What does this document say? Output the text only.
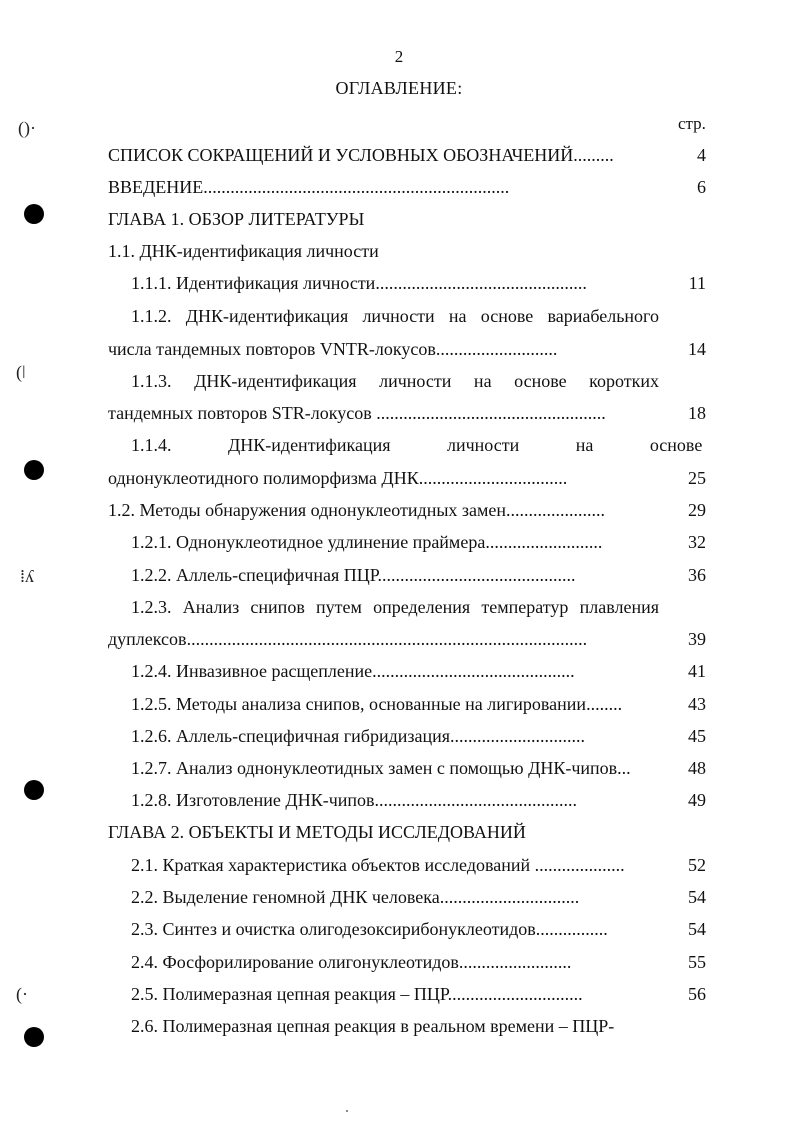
2
ОГЛАВЛЕНИЕ:
стр.
()·
(ǀ
⁞ʎ
(·
СПИСОК СОКРАЩЕНИЙ И УСЛОВНЫХ ОБОЗНАЧЕНИЙ.........	4
ВВЕДЕНИЕ....................................................................	6
ГЛАВА 1. ОБЗОР ЛИТЕРАТУРЫ
1.1. ДНК-идентификация личности
1.1.1. Идентификация личности...............................................	11
1.1.2. ДНК-идентификация личности на основе вариабельного
числа тандемных повторов VNTR-локусов...........................	14
1.1.3. ДНК-идентификация личности на основе коротких
тандемных повторов STR-локусов ...................................................	18
1.1.4. ДНК-идентификация личности на основе
однонуклеотидного полиморфизма ДНК.................................	25
1.2. Методы обнаружения однонуклеотидных замен......................	29
1.2.1. Однонуклеотидное удлинение праймера..........................	32
1.2.2. Аллель-специфичная ПЦР............................................	36
1.2.3. Анализ снипов путем определения температур плавления
дуплексов.........................................................................................	39
1.2.4. Инвазивное расщепление.............................................	41
1.2.5. Методы анализа снипов, основанные на лигировании........	43
1.2.6. Аллель-специфичная гибридизация..............................	45
1.2.7. Анализ однонуклеотидных замен с помощью ДНК-чипов...	48
1.2.8. Изготовление ДНК-чипов.............................................	49
ГЛАВА 2. ОБЪЕКТЫ И МЕТОДЫ ИССЛЕДОВАНИЙ
2.1. Краткая характеристика объектов исследований ....................	52
2.2. Выделение геномной ДНК человека...............................	54
2.3. Синтез и очистка олигодезоксирибонуклеотидов................	54
2.4. Фосфорилирование олигонуклеотидов.........................	55
2.5. Полимеразная цепная реакция – ПЦР..............................	56
2.6. Полимеразная цепная реакция в реальном времени – ПЦР-
